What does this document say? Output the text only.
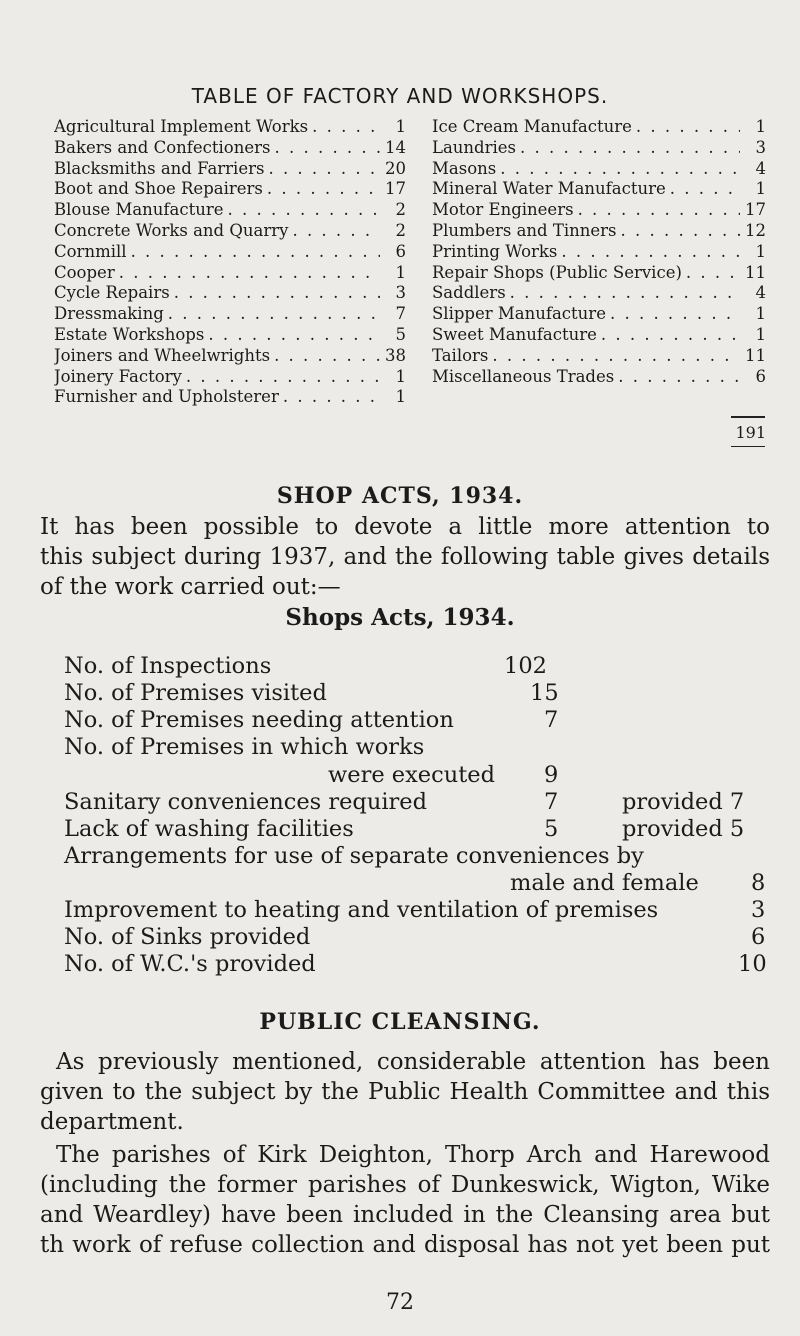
TABLE OF FACTORY AND WORKSHOPS.
Agricultural Implement Works . . .	1
Bakers and Confectioners . . .	14
Blacksmiths and Farriers . . .	20
Boot and Shoe Repairers . . .	17
Blouse Manufacture . . .	2
Concrete Works and Quarry . . .	2
Cornmill . . .	6
Cooper . . .	1
Cycle Repairs . . .	3
Dressmaking . . .	7
Estate Workshops . . .	5
Joiners and Wheelwrights . . .	38
Joinery Factory . . .	1
Furnisher and Upholsterer . . .	1
Ice Cream Manufacture . . .	1
Laundries . . .	3
Masons . . .	4
Mineral Water Manufacture . . .	1
Motor Engineers . . .	17
Plumbers and Tinners . . .	12
Printing Works . . .	1
Repair Shops (Public Service) . . .	11
Saddlers . . .	4
Slipper Manufacture . . .	1
Sweet Manufacture . . .	1
Tailors . . .	11
Miscellaneous Trades . . .	6
191
SHOP ACTS, 1934.
It has been possible to devote a little more attention to
this subject during 1937, and the following table gives details
of the work carried out:—
Shops Acts, 1934.
No. of Inspections	102
No. of Premises visited	15
No. of Premises needing attention	7
No. of Premises in which works
were executed 9
Sanitary conveniences required	7	provided 7
Lack of washing facilities	5	provided 5
Arrangements for use of separate conveniences by
male and female 8
Improvement to heating and ventilation of premises	3
No. of Sinks provided	6
No. of W.C.'s provided	10
PUBLIC CLEANSING.
As previously mentioned, considerable attention has been
given to the subject by the Public Health Committee and this
department.
The parishes of Kirk Deighton, Thorp Arch and Harewood
(including the former parishes of Dunkeswick, Wigton, Wike
and Weardley) have been included in the Cleansing area but
th work of refuse collection and disposal has not yet been put
72
